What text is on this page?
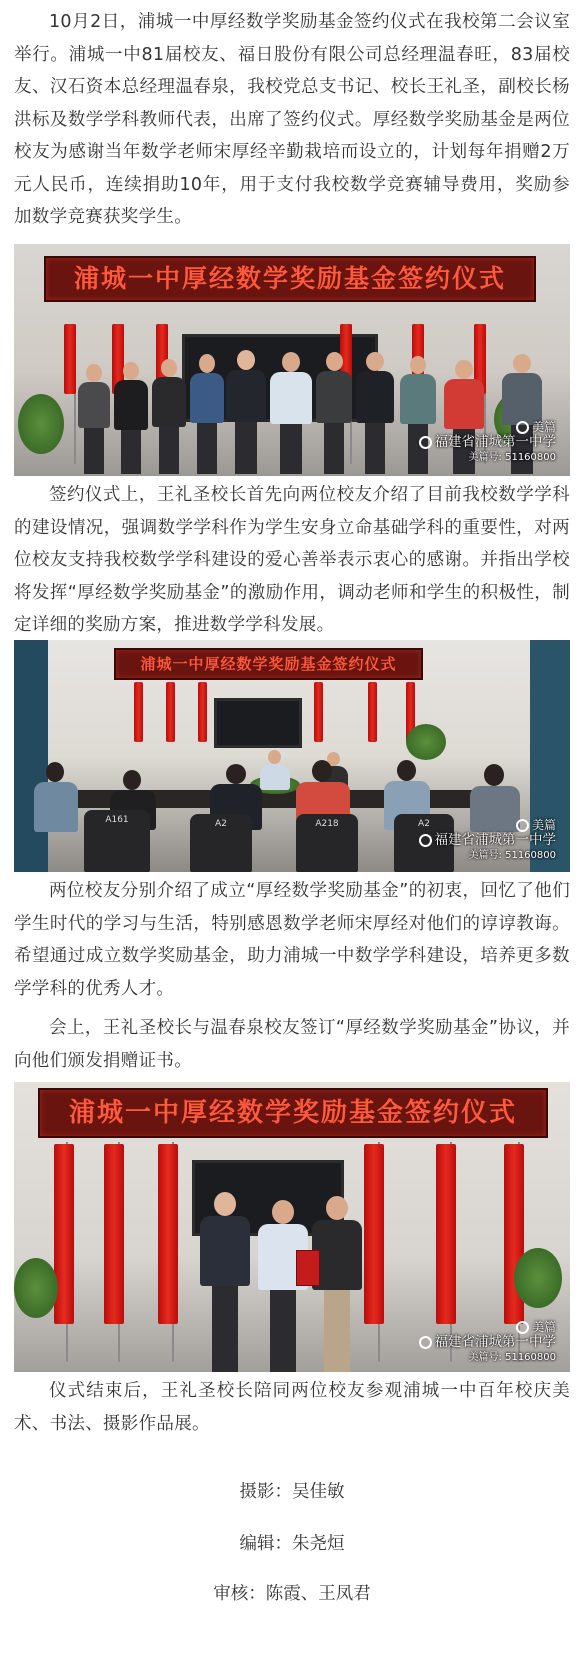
10月2日，浦城一中厚经数学奖励基金签约仪式在我校第二会议室举行。浦城一中81届校友、福日股份有限公司总经理温春旺，83届校友、汉石资本总经理温春泉，我校党总支书记、校长王礼圣，副校长杨洪标及数学学科教师代表，出席了签约仪式。厚经数学奖励基金是两位校友为感谢当年数学老师宋厚经辛勤栽培而设立的，计划每年捐赠2万元人民币，连续捐助10年，用于支付我校数学竞赛辅导费用，奖励参加数学竞赛获奖学生。

浦城一中厚经数学奖励基金签约仪式
美篇
福建省浦城第一中学
美篇号: 51160800

签约仪式上，王礼圣校长首先向两位校友介绍了目前我校数学学科的建设情况，强调数学学科作为学生安身立命基础学科的重要性，对两位校友支持我校数学学科建设的爱心善举表示衷心的感谢。并指出学校将发挥“厚经数学奖励基金”的激励作用，调动老师和学生的积极性，制定详细的奖励方案，推进数学学科发展。

浦城一中厚经数学奖励基金签约仪式
A161	A2	A218	A2	美篇
福建省浦城第一中学
美篇号: 51160800

两位校友分别介绍了成立“厚经数学奖励基金”的初衷，回忆了他们学生时代的学习与生活，特别感恩数学老师宋厚经对他们的谆谆教诲。希望通过成立数学奖励基金，助力浦城一中数学学科建设，培养更多数学学科的优秀人才。

会上，王礼圣校长与温春泉校友签订“厚经数学奖励基金”协议，并向他们颁发捐赠证书。

浦城一中厚经数学奖励基金签约仪式
美篇
福建省浦城第一中学
美篇号: 51160800

仪式结束后，王礼圣校长陪同两位校友参观浦城一中百年校庆美术、书法、摄影作品展。

摄影：吴佳敏
编辑：朱尧烜
审核：陈霞、王凤君
